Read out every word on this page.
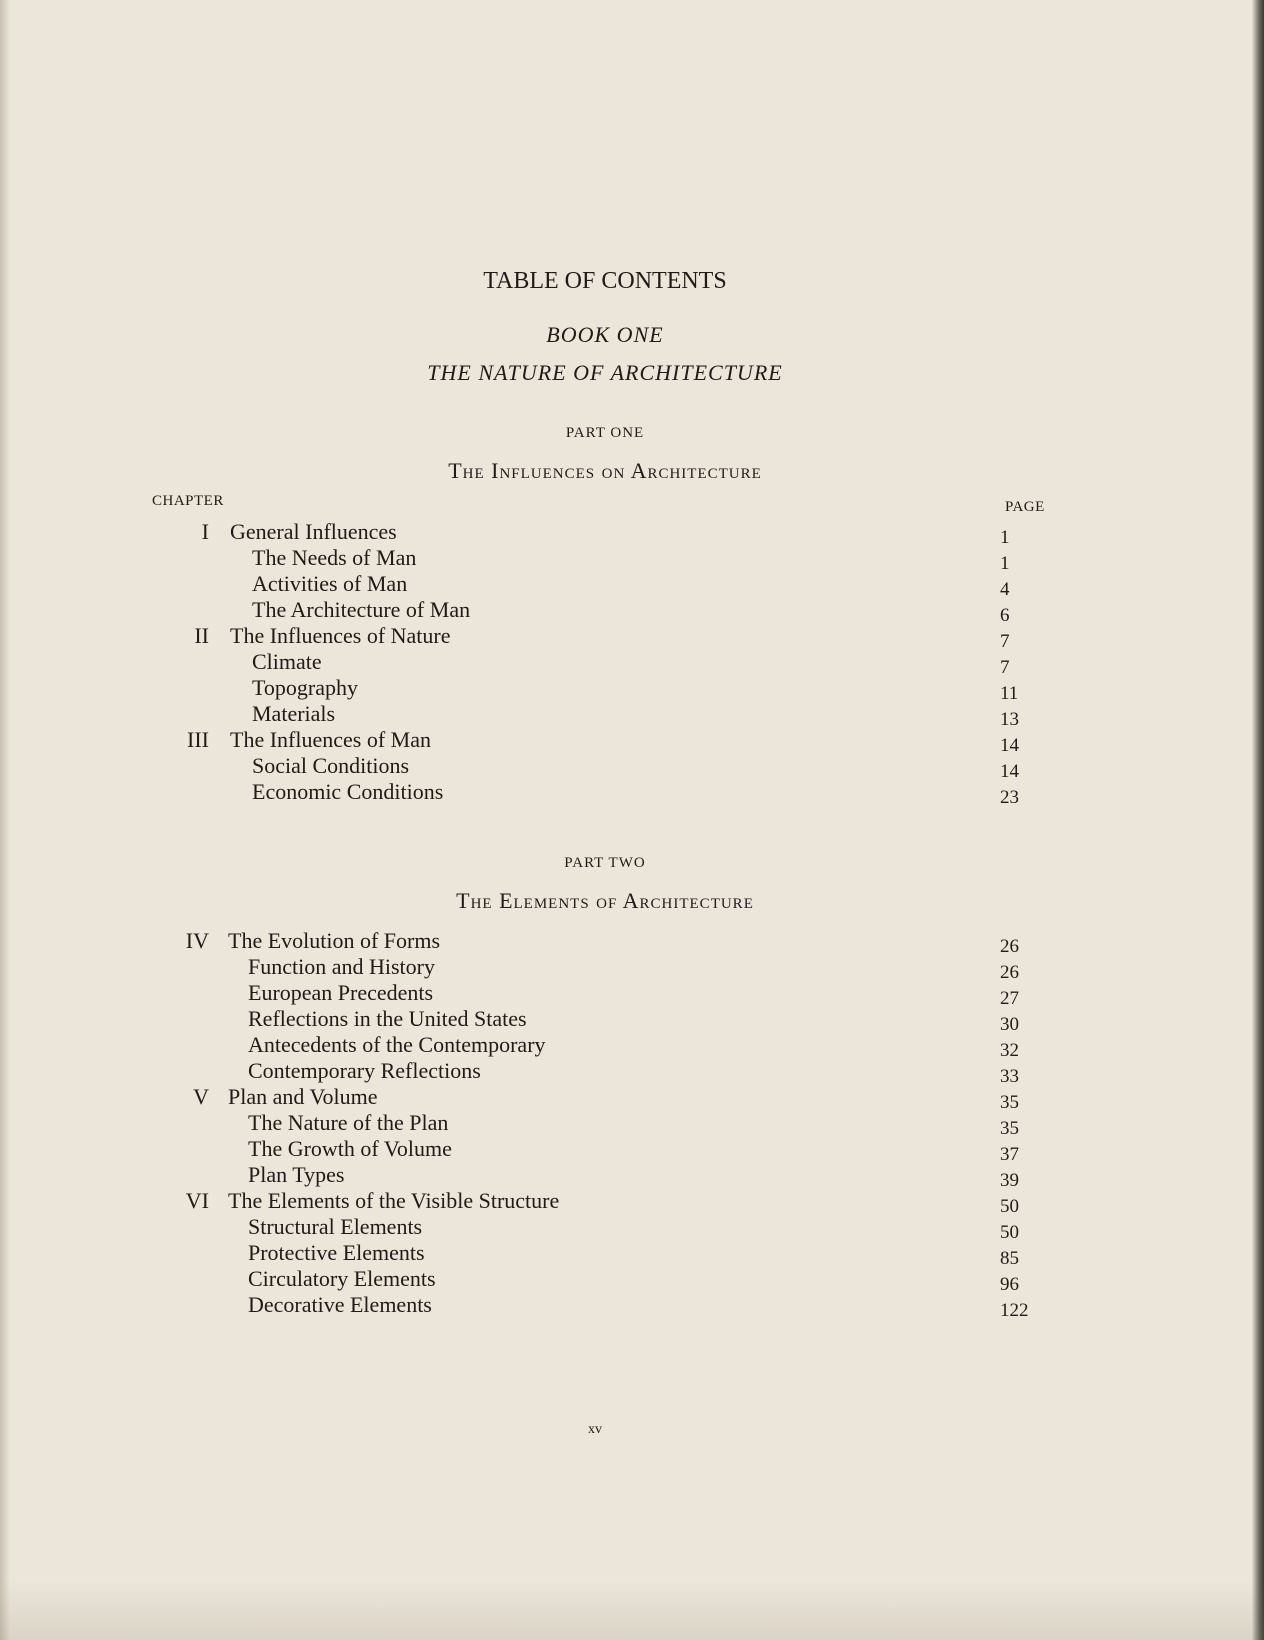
TABLE OF CONTENTS
BOOK ONE
THE NATURE OF ARCHITECTURE
PART ONE
The Influences on Architecture
CHAPTER	PAGE
I General Influences	1
The Needs of Man	1
Activities of Man	4
The Architecture of Man	6
II The Influences of Nature	7
Climate	7
Topography	11
Materials	13
III The Influences of Man	14
Social Conditions	14
Economic Conditions	23
PART TWO
The Elements of Architecture
IV The Evolution of Forms	26
Function and History	26
European Precedents	27
Reflections in the United States	30
Antecedents of the Contemporary	32
Contemporary Reflections	33
V Plan and Volume	35
The Nature of the Plan	35
The Growth of Volume	37
Plan Types	39
VI The Elements of the Visible Structure	50
Structural Elements	50
Protective Elements	85
Circulatory Elements	96
Decorative Elements	122
xv
